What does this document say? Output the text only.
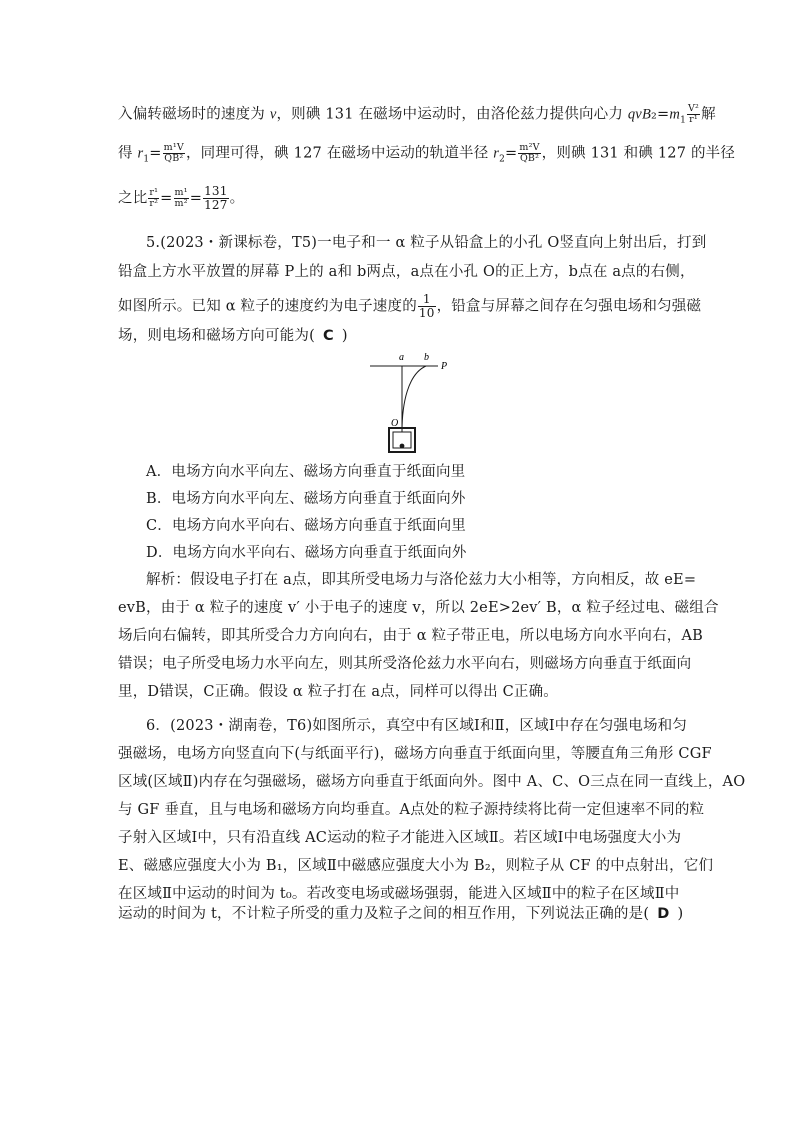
入偏转磁场时的速度为 v，则碘 131 在磁场中运动时，由洛伦兹力提供向心力 $qvB_2=m_1 \frac{\text{V²}}{\text{r¹}}$ 解
得 $r_1= \frac{\text{m¹V}}{\text{QB²}}$ ，同理可得，碘 127 在磁场中运动的轨道半径 $r_2= \frac{\text{m²V}}{\text{QB²}}$ ，则碘 131 和碘 127 的半径
之比 $\frac{\text{r¹}}{\text{r²}} = \frac{\text{m¹}}{\text{m²}} = \frac{131}{127}$ 。
5.(2023・新课标卷，T5)一电子和一 α 粒子从铅盒上的小孔 O竖直向上射出后，打到
铅盒上方水平放置的屏幕 P上的 a和 b两点，a点在小孔 O的正上方，b点在 a点的右侧，
如图所示。已知 α 粒子的速度约为电子速度的 $\frac{1}{10}$ ，铅盒与屏幕之间存在匀强电场和匀强磁
场，则电场和磁场方向可能为( C )
a b
P
O
A．电场方向水平向左、磁场方向垂直于纸面向里
B．电场方向水平向左、磁场方向垂直于纸面向外
C．电场方向水平向右、磁场方向垂直于纸面向里
D．电场方向水平向右、磁场方向垂直于纸面向外
解析：假设电子打在 a点，即其所受电场力与洛伦兹力大小相等，方向相反，故 eE=
evB，由于 α 粒子的速度 v′ 小于电子的速度 v，所以 2eE>2ev′ B，α 粒子经过电、磁组合
场后向右偏转，即其所受合力方向向右，由于 α 粒子带正电，所以电场方向水平向右，AB
错误；电子所受电场力水平向左，则其所受洛伦兹力水平向右，则磁场方向垂直于纸面向
里，D错误，C正确。假设 α 粒子打在 a点，同样可以得出 C正确。
6．(2023・湖南卷，T6)如图所示，真空中有区域Ⅰ和Ⅱ，区域Ⅰ中存在匀强电场和匀
强磁场，电场方向竖直向下(与纸面平行)，磁场方向垂直于纸面向里，等腰直角三角形 CGF
区域(区域Ⅱ)内存在匀强磁场，磁场方向垂直于纸面向外。图中 A、C、O三点在同一直线上，AO
与 GF 垂直，且与电场和磁场方向均垂直。A点处的粒子源持续将比荷一定但速率不同的粒
子射入区域Ⅰ中，只有沿直线 AC运动的粒子才能进入区域Ⅱ。若区域Ⅰ中电场强度大小为
E、磁感应强度大小为 B₁，区域Ⅱ中磁感应强度大小为 B₂，则粒子从 CF 的中点射出，它们
在区域Ⅱ中运动的时间为 t₀。若改变电场或磁场强弱，能进入区域Ⅱ中的粒子在区域Ⅱ中
运动的时间为 t，不计粒子所受的重力及粒子之间的相互作用，下列说法正确的是( D )
